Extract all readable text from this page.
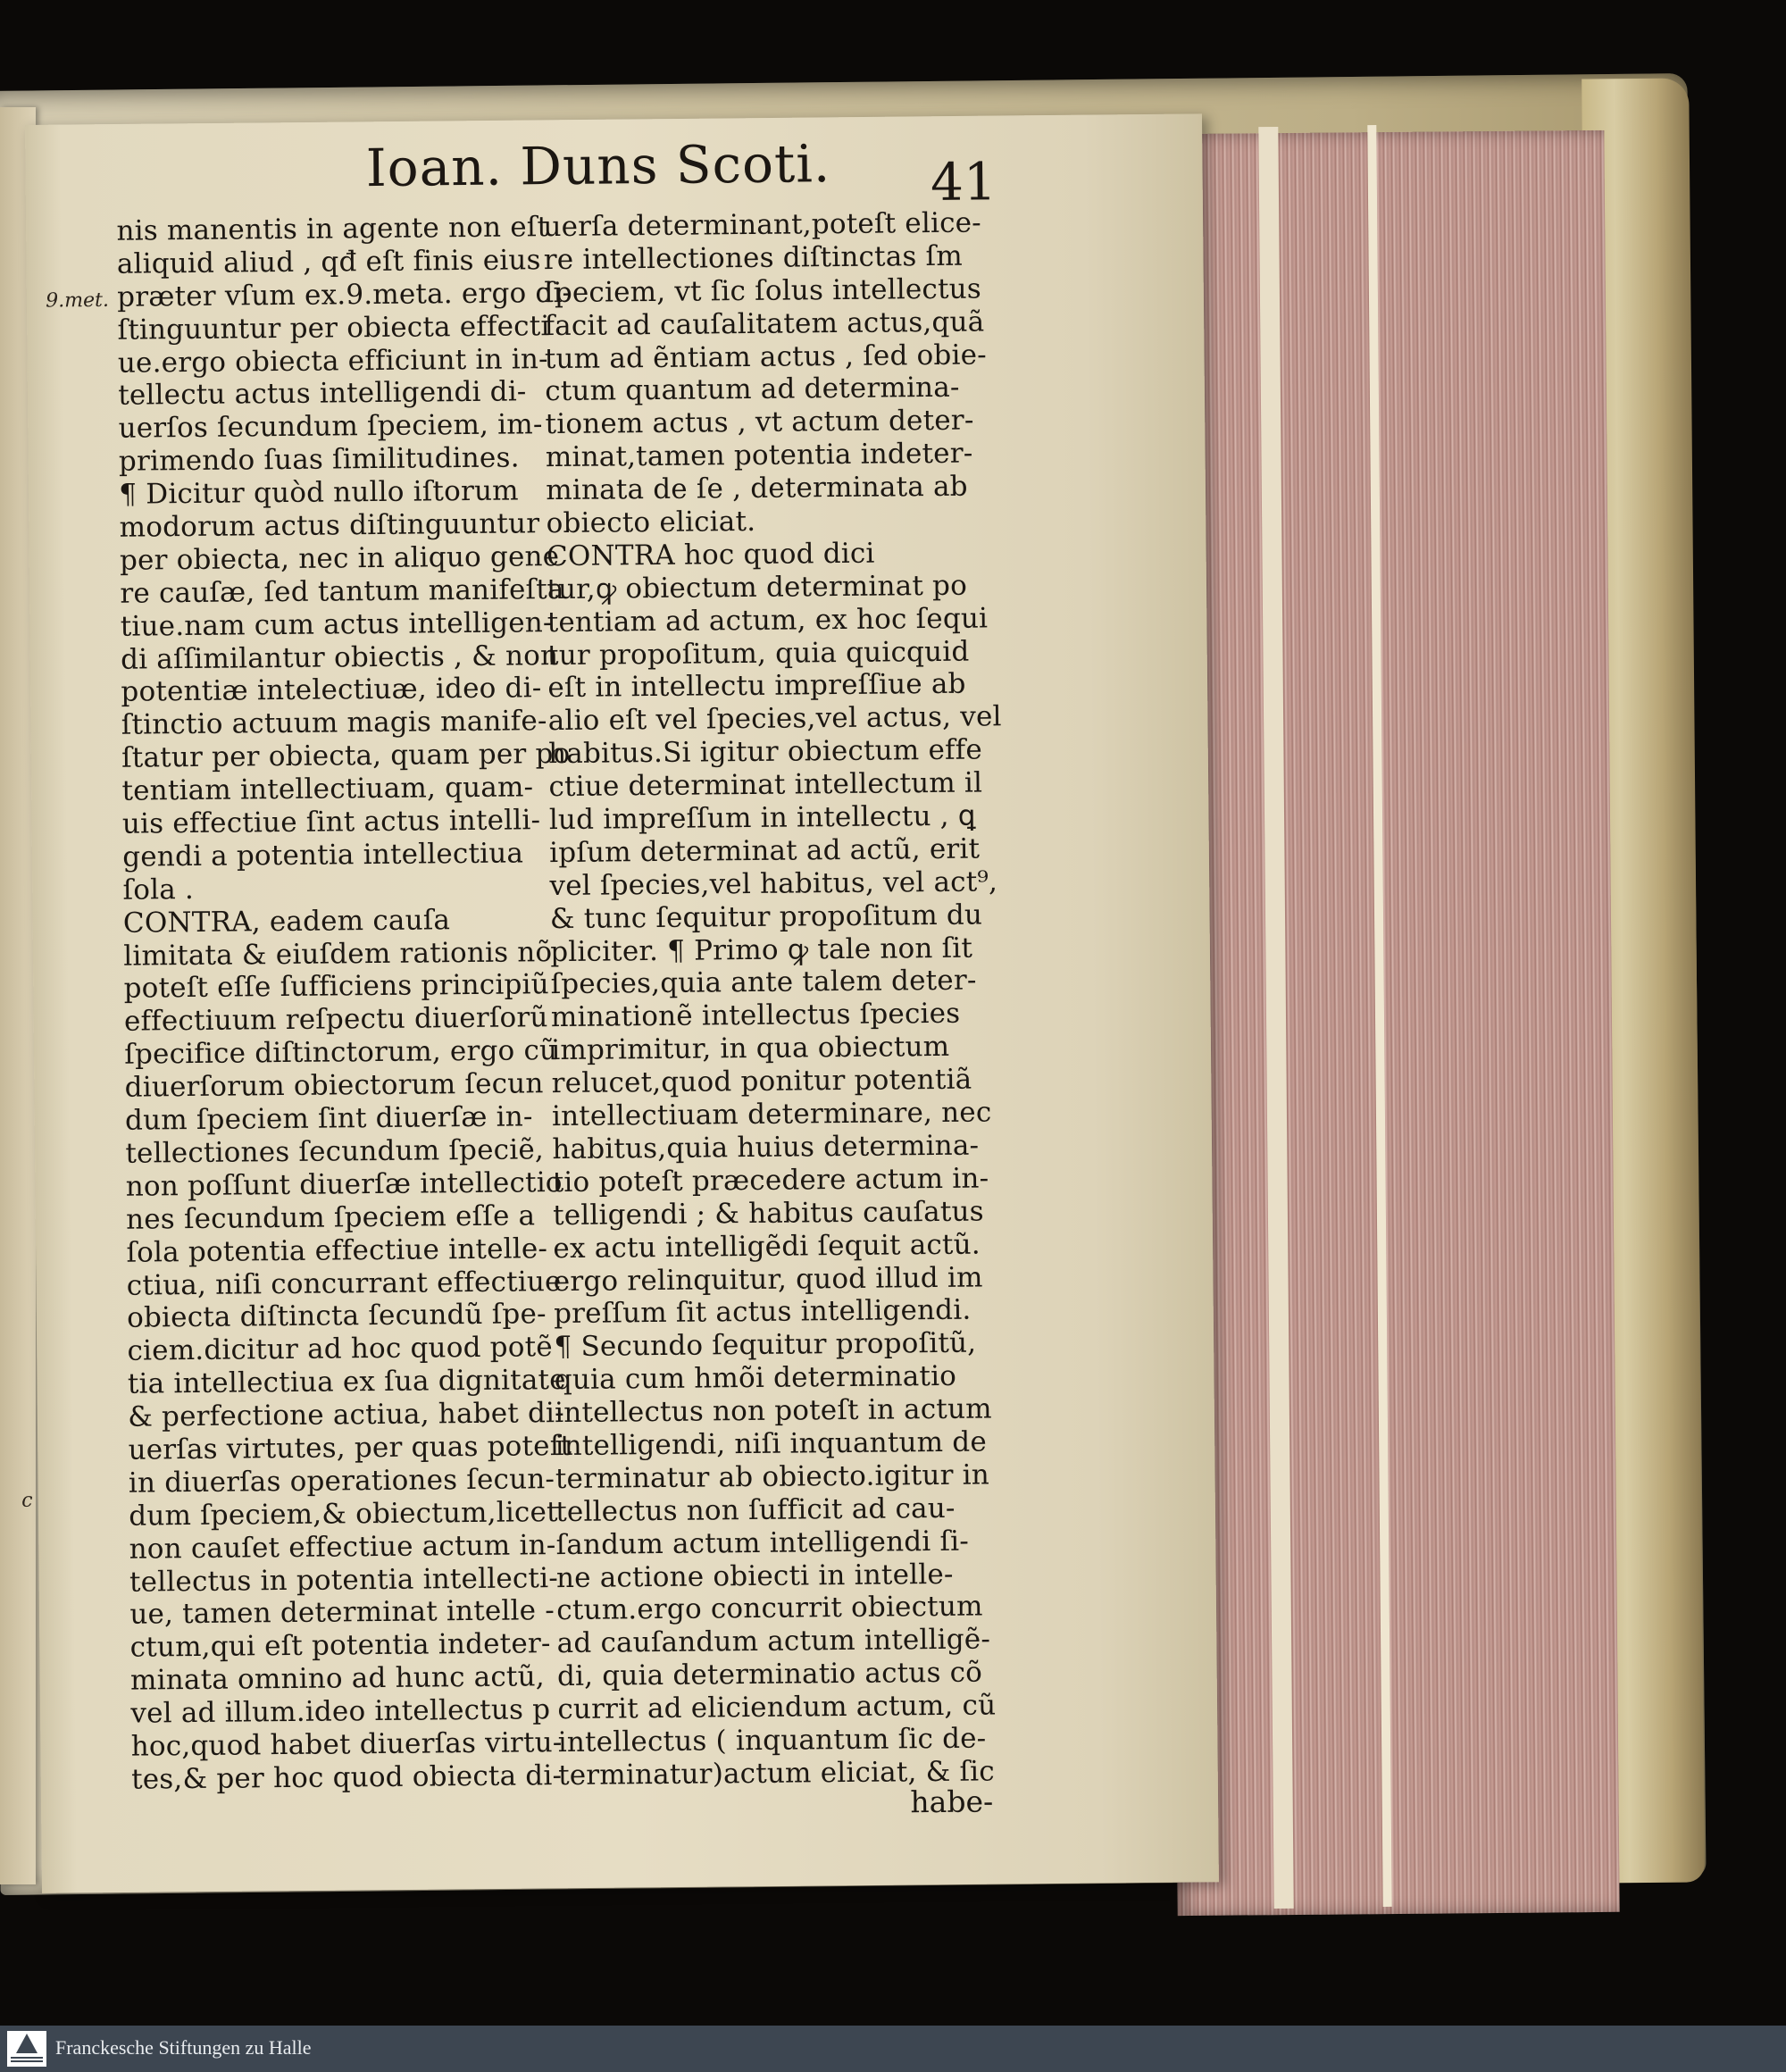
Ioan. Duns Scoti. 41
9.met.
c
nis manentis in agente non eſt
aliquid aliud , qđ eſt finis eius
præter vſum ex.9.meta. ergo di-
ſtinguuntur per obiecta effecti
ue.ergo obiecta efficiunt in in-
tellectu actus intelligendi di-
uerſos ſecundum ſpeciem, im-
primendo ſuas ſimilitudines.
¶ Dicitur quòd nullo iſtorum
modorum actus diſtinguuntur
per obiecta, nec in aliquo gene
re cauſæ, ſed tantum manifeſta
tiue.nam cum actus intelligen-
di aſſimilantur obiectis , & non
potentiæ intelectiuæ, ideo di-
ſtinctio actuum magis manife-
ſtatur per obiecta, quam per po
tentiam intellectiuam, quam-
uis effectiue ſint actus intelli-
gendi a potentia intellectiua
ſola .
CONTRA, eadem cauſa
limitata & eiuſdem rationis nõ
poteſt eſſe ſufficiens principiũ
effectiuum reſpectu diuerſorũ
ſpecifice diſtinctorum, ergo cũ
diuerſorum obiectorum ſecun
dum ſpeciem ſint diuerſæ in-
tellectiones ſecundum ſpeciẽ,
non poſſunt diuerſæ intellectio
nes ſecundum ſpeciem eſſe a
ſola potentia effectiue intelle-
ctiua, niſi concurrant effectiue
obiecta diſtincta ſecundũ ſpe-
ciem.dicitur ad hoc quod potẽ
tia intellectiua ex ſua dignitate
& perfectione actiua, habet di-
uerſas virtutes, per quas poteſt
in diuerſas operationes ſecun-
dum ſpeciem,& obiectum,licet
non cauſet effectiue actum in-
tellectus in potentia intellecti-
ue, tamen determinat intelle -
ctum,qui eſt potentia indeter-
minata omnino ad hunc actũ,
vel ad illum.ideo intellectus p
hoc,quod habet diuerſas virtu-
tes,& per hoc quod obiecta di-
uerſa determinant,poteſt elice-
re intellectiones diſtinctas ſm
ſpeciem, vt ſic ſolus intellectus
facit ad cauſalitatem actus,quã
tum ad ẽntiam actus , ſed obie-
ctum quantum ad determina-
tionem actus , vt actum deter-
minat,tamen potentia indeter-
minata de ſe , determinata ab
obiecto eliciat.
CONTRA hoc quod dici
tur,ꝙ obiectum determinat po
tentiam ad actum, ex hoc ſequi
tur propoſitum, quia quicquid
eſt in intellectu impreſſiue ab
alio eſt vel ſpecies,vel actus, vel
habitus.Si igitur obiectum effe
ctiue determinat intellectum il
lud impreſſum in intellectu , ꝗ
ipſum determinat ad actũ, erit
vel ſpecies,vel habitus, vel act⁹,
& tunc ſequitur propoſitum du
pliciter. ¶ Primo ꝙ tale non ſit
ſpecies,quia ante talem deter-
minationẽ intellectus ſpecies
imprimitur, in qua obiectum
relucet,quod ponitur potentiã
intellectiuam determinare, nec
habitus,quia huius determina-
tio poteſt præcedere actum in-
telligendi ; & habitus cauſatus
ex actu intelligẽdi ſequit actũ.
ergo relinquitur, quod illud im
preſſum ſit actus intelligendi.
¶ Secundo ſequitur propoſitũ,
quia cum hmõi determinatio
intellectus non poteſt in actum
intelligendi, niſi inquantum de
terminatur ab obiecto.igitur in
tellectus non ſufficit ad cau-
ſandum actum intelligendi ſi-
ne actione obiecti in intelle-
ctum.ergo concurrit obiectum
ad cauſandum actum intelligẽ-
di, quia determinatio actus cõ
currit ad eliciendum actum, cũ
intellectus ( inquantum ſic de-
terminatur)actum eliciat, & ſic
habe-
Franckesche Stiftungen zu Halle
